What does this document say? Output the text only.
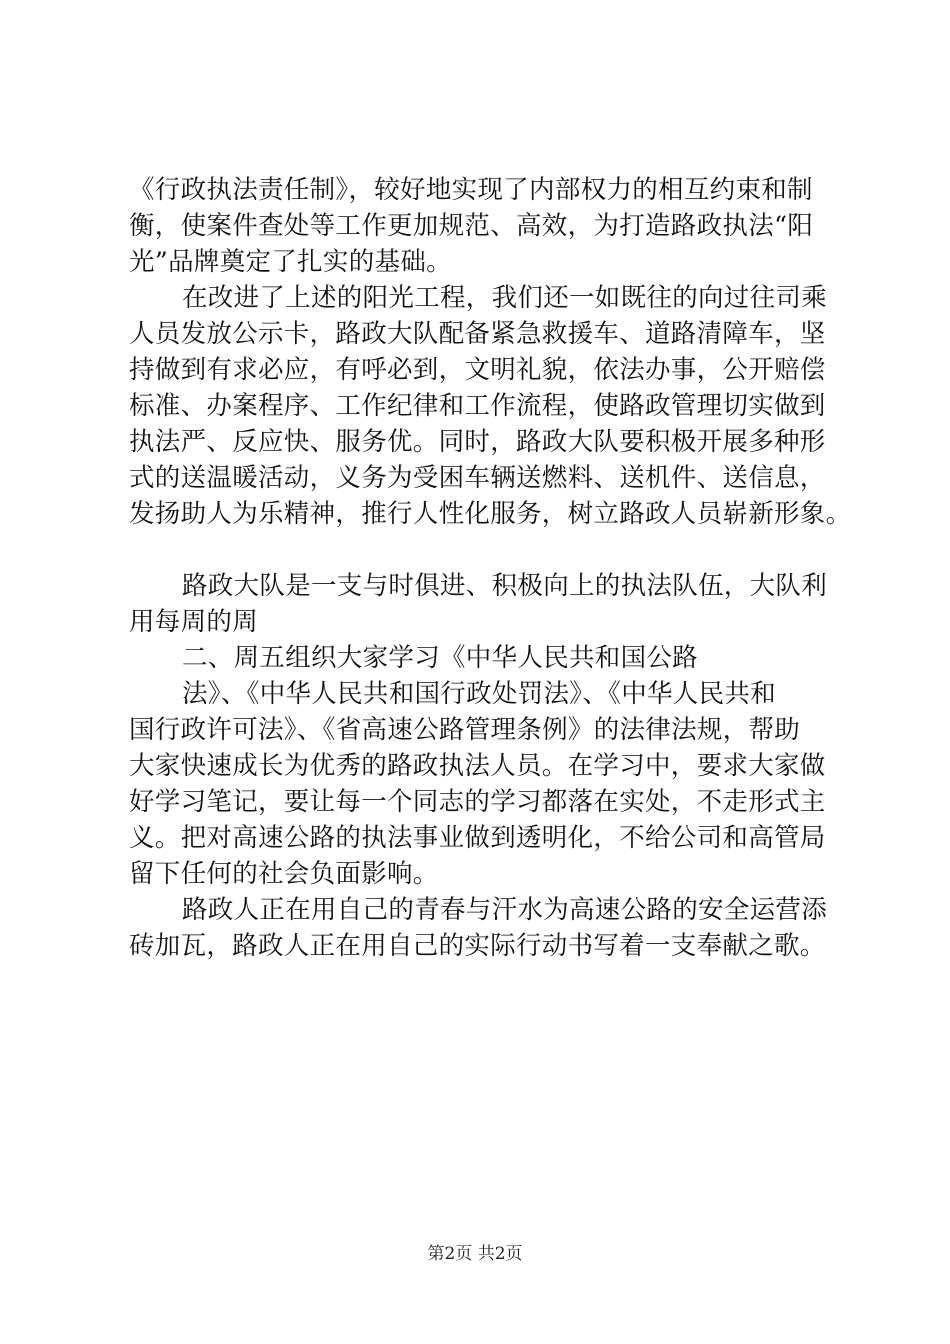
《行政执法责任制》，较好地实现了内部权力的相互约束和制
衡，使案件查处等工作更加规范、高效，为打造路政执法“阳
光”品牌奠定了扎实的基础。
在改进了上述的阳光工程，我们还一如既往的向过往司乘
人员发放公示卡，路政大队配备紧急救援车、道路清障车，坚
持做到有求必应，有呼必到，文明礼貌，依法办事，公开赔偿
标准、办案程序、工作纪律和工作流程，使路政管理切实做到
执法严、反应快、服务优。同时，路政大队要积极开展多种形
式的送温暖活动，义务为受困车辆送燃料、送机件、送信息，
发扬助人为乐精神，推行人性化服务，树立路政人员崭新形象。
路政大队是一支与时俱进、积极向上的执法队伍，大队利
用每周的周
二、周五组织大家学习《中华人民共和国公路
法》、《中华人民共和国行政处罚法》、《中华人民共和
国行政许可法》、《省高速公路管理条例》的法律法规，帮助
大家快速成长为优秀的路政执法人员。在学习中，要求大家做
好学习笔记，要让每一个同志的学习都落在实处，不走形式主
义。把对高速公路的执法事业做到透明化，不给公司和高管局
留下任何的社会负面影响。
路政人正在用自己的青春与汗水为高速公路的安全运营添
砖加瓦，路政人正在用自己的实际行动书写着一支奉献之歌。
第2页 共2页
